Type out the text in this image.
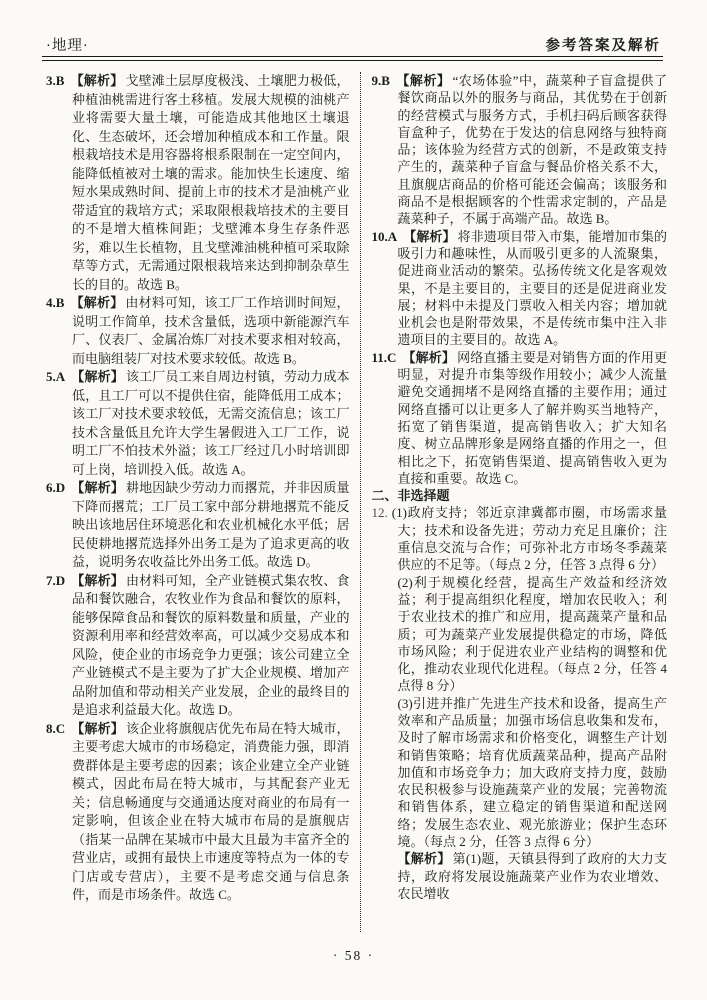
·地理·	参考答案及解析
3.B 【解析】 戈壁滩土层厚度极浅、土壤肥力极低，种植油桃需进行客土移植。发展大规模的油桃产业将需要大量土壤，可能造成其他地区土壤退化、生态破坏，还会增加种植成本和工作量。限根栽培技术是用容器将根系限制在一定空间内，能降低植被对土壤的需求。能加快生长速度、缩短水果成熟时间、提前上市的技术才是油桃产业带适宜的栽培方式；采取限根栽培技术的主要目的不是增大植株间距；戈壁滩本身生存条件恶劣，难以生长植物，且戈壁滩油桃种植可采取除草等方式，无需通过限根栽培来达到抑制杂草生长的目的。故选 B。
4.B 【解析】 由材料可知，该工厂工作培训时间短，说明工作简单，技术含量低，选项中新能源汽车厂、仪表厂、金属冶炼厂对技术要求相对较高，而电脑组装厂对技术要求较低。故选 B。
5.A 【解析】 该工厂员工来自周边村镇，劳动力成本低，且工厂可以不提供住宿，能降低用工成本；该工厂对技术要求较低，无需交流信息；该工厂技术含量低且允许大学生暑假进入工厂工作，说明工厂不怕技术外溢；该工厂经过几小时培训即可上岗，培训投入低。故选 A。
6.D 【解析】 耕地因缺少劳动力而撂荒，并非因质量下降而撂荒；工厂员工家中部分耕地撂荒不能反映出该地居住环境恶化和农业机械化水平低；居民使耕地撂荒选择外出务工是为了追求更高的收益，说明务农收益比外出务工低。故选 D。
7.D 【解析】 由材料可知，全产业链模式集农牧、食品和餐饮融合，农牧业作为食品和餐饮的原料，能够保障食品和餐饮的原料数量和质量，产业的资源利用率和经营效率高，可以减少交易成本和风险，使企业的市场竞争力更强；该公司建立全产业链模式不是主要为了扩大企业规模、增加产品附加值和带动相关产业发展，企业的最终目的是追求利益最大化。故选 D。
8.C 【解析】 该企业将旗舰店优先布局在特大城市，主要考虑大城市的市场稳定，消费能力强，即消费群体是主要考虑的因素；该企业建立全产业链模式，因此布局在特大城市，与其配套产业无关；信息畅通度与交通通达度对商业的布局有一定影响，但该企业在特大城市布局的是旗舰店（指某一品牌在某城市中最大且最为丰富齐全的营业店，或拥有最快上市速度等特点为一体的专门店或专营店），主要不是考虑交通与信息条件，而是市场条件。故选 C。
9.B 【解析】 “农场体验”中，蔬菜种子盲盒提供了餐饮商品以外的服务与商品，其优势在于创新的经营模式与服务方式，手机扫码后顾客获得盲盒种子，优势在于发达的信息网络与独特商品；该体验为经营方式的创新，不是政策支持产生的，蔬菜种子盲盒与餐品价格关系不大，且旗舰店商品的价格可能还会偏高；该服务和商品不是根据顾客的个性需求定制的，产品是蔬菜种子，不属于高端产品。故选 B。
10.A 【解析】 将非遗项目带入市集，能增加市集的吸引力和趣味性，从而吸引更多的人流聚集，促进商业活动的繁荣。弘扬传统文化是客观效果，不是主要目的，主要目的还是促进商业发展；材料中未提及门票收入相关内容；增加就业机会也是附带效果，不是传统市集中注入非遗项目的主要目的。故选 A。
11.C 【解析】 网络直播主要是对销售方面的作用更明显，对提升市集等级作用较小；减少人流量避免交通拥堵不是网络直播的主要作用；通过网络直播可以让更多人了解并购买当地特产，拓宽了销售渠道，提高销售收入；扩大知名度、树立品牌形象是网络直播的作用之一，但相比之下，拓宽销售渠道、提高销售收入更为直接和重要。故选 C。
二、非选择题
12. (1)政府支持；邻近京津冀都市圈，市场需求量大；技术和设备先进；劳动力充足且廉价；注重信息交流与合作；可弥补北方市场冬季蔬菜供应的不足等。（每点 2 分，任答 3 点得 6 分）
(2)利于规模化经营，提高生产效益和经济效益；利于提高组织化程度，增加农民收入；利于农业技术的推广和应用，提高蔬菜产量和品质；可为蔬菜产业发展提供稳定的市场，降低市场风险；利于促进农业产业结构的调整和优化，推动农业现代化进程。（每点 2 分，任答 4 点得 8 分）
(3)引进并推广先进生产技术和设备，提高生产效率和产品质量；加强市场信息收集和发布，及时了解市场需求和价格变化，调整生产计划和销售策略；培育优质蔬菜品种，提高产品附加值和市场竞争力；加大政府支持力度，鼓励农民积极参与设施蔬菜产业的发展；完善物流和销售体系，建立稳定的销售渠道和配送网络；发展生态农业、观光旅游业；保护生态环境。（每点 2 分，任答 3 点得 6 分）
【解析】 第(1)题，天镇县得到了政府的大力支持，政府将发展设施蔬菜产业作为农业增效、农民增收
· 58 ·
